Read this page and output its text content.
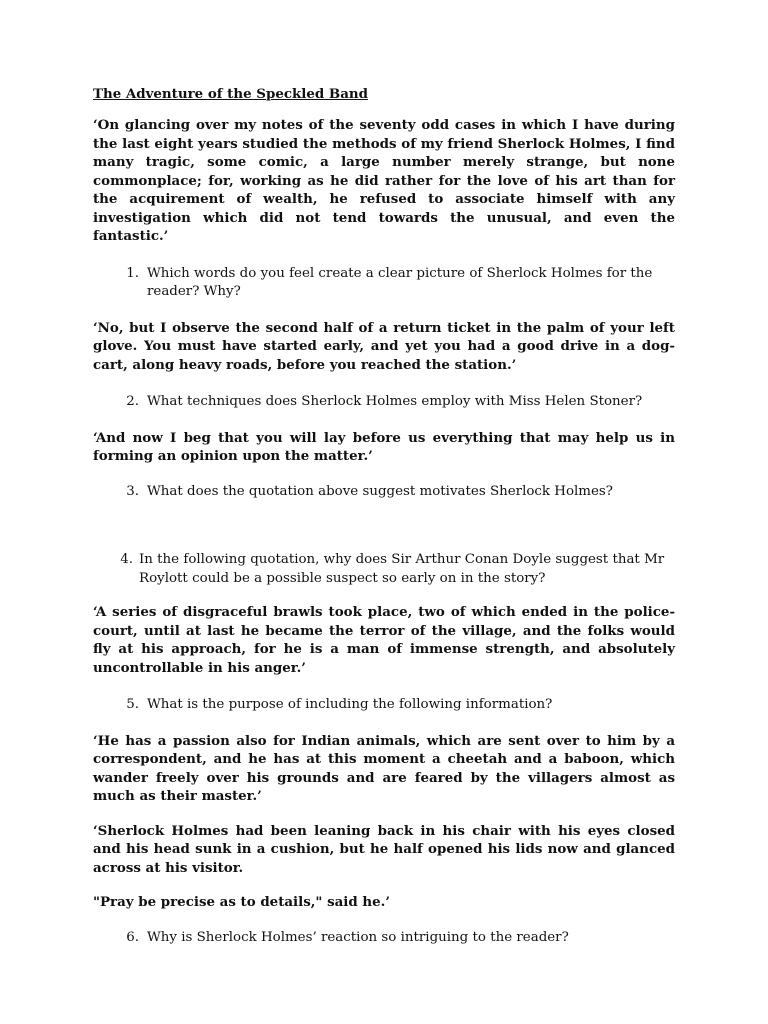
The Adventure of the Speckled Band

‘On glancing over my notes of the seventy odd cases in which I have during the last eight years studied the methods of my friend Sherlock Holmes, I find many tragic, some comic, a large number merely strange, but none commonplace; for, working as he did rather for the love of his art than for the acquirement of wealth, he refused to associate himself with any investigation which did not tend towards the unusual, and even the fantastic.’

1. Which words do you feel create a clear picture of Sherlock Holmes for the reader? Why?

‘No, but I observe the second half of a return ticket in the palm of your left glove. You must have started early, and yet you had a good drive in a dog-cart, along heavy roads, before you reached the station.’

2. What techniques does Sherlock Holmes employ with Miss Helen Stoner?

‘And now I beg that you will lay before us everything that may help us in forming an opinion upon the matter.’

3. What does the quotation above suggest motivates Sherlock Holmes?
4. In the following quotation, why does Sir Arthur Conan Doyle suggest that Mr Roylott could be a possible suspect so early on in the story?

‘A series of disgraceful brawls took place, two of which ended in the police-court, until at last he became the terror of the village, and the folks would fly at his approach, for he is a man of immense strength, and absolutely uncontrollable in his anger.’

5. What is the purpose of including the following information?

‘He has a passion also for Indian animals, which are sent over to him by a correspondent, and he has at this moment a cheetah and a baboon, which wander freely over his grounds and are feared by the villagers almost as much as their master.’

‘Sherlock Holmes had been leaning back in his chair with his eyes closed and his head sunk in a cushion, but he half opened his lids now and glanced across at his visitor.

"Pray be precise as to details," said he.’

6. Why is Sherlock Holmes’ reaction so intriguing to the reader?
